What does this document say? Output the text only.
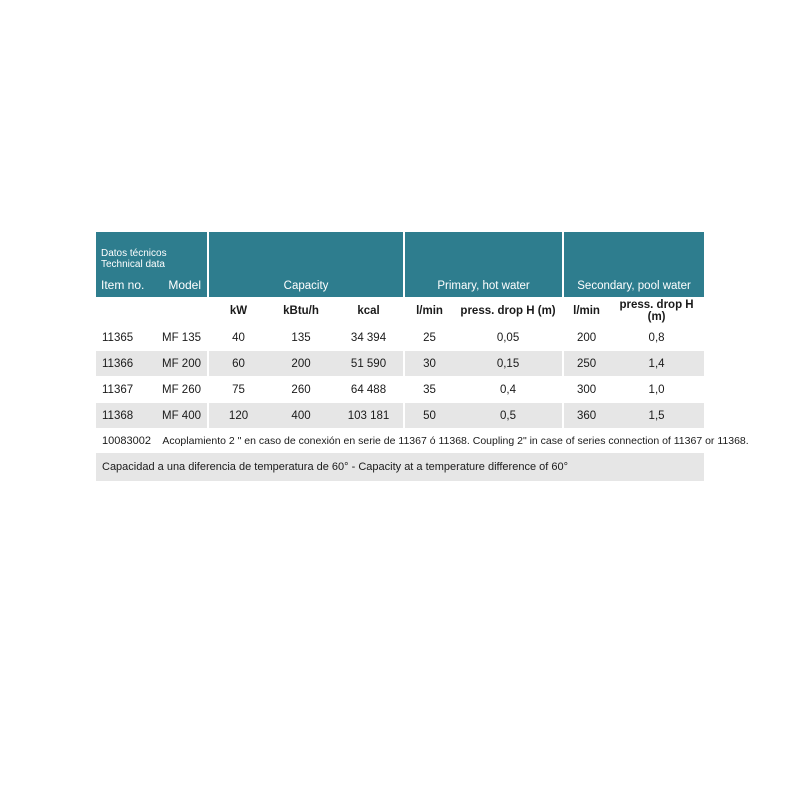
Datos técnicos
Technical data
Item no. Model		Capacity			Primary, hot water		Secondary, pool water	
		kW	kBtu/h	kcal	l/min	press. drop H (m)	l/min	press. drop H (m)
11365	MF 135	40	135	34 394	25	0,05	200	0,8
11366	MF 200	60	200	51 590	30	0,15	250	1,4
11367	MF 260	75	260	64 488	35	0,4	300	1,0
11368	MF 400	120	400	103 181	50	0,5	360	1,5
10083002 Acoplamiento 2 " en caso de conexión en serie de 11367 ó 11368. Coupling 2" in case of series connection of 11367 or 11368.								
Capacidad a una diferencia de temperatura de 60° - Capacity at a temperature difference of 60°								
